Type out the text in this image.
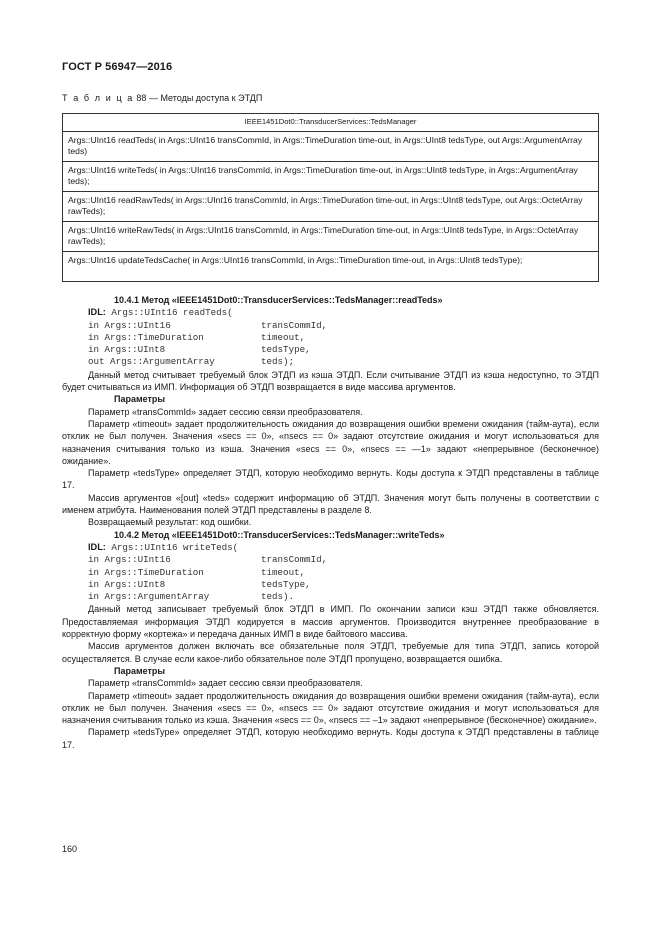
ГОСТ Р 56947—2016
Т а б л и ц а 88 — Методы доступа к ЭТДП
IEEE1451Dot0::TransducerServices::TedsManager
Args::UInt16 readTeds( in Args::UInt16 transCommId, in Args::TimeDuration time-out, in Args::UInt8 tedsType, out Args::ArgumentArray teds)
Args::UInt16 writeTeds( in Args::UInt16 transCommId, in Args::TimeDuration time-out, in Args::UInt8 tedsType, in Args::ArgumentArray teds);
Args::UInt16 readRawTeds( in Args::UInt16 transCommId, in Args::TimeDuration time-out, in Args::UInt8 tedsType, out Args::OctetArray rawTeds);
Args::UInt16 writeRawTeds( in Args::UInt16 transCommId, in Args::TimeDuration time-out, in Args::UInt8 tedsType, in Args::OctetArray rawTeds);
Args::UInt16 updateTedsCache( in Args::UInt16 transCommId, in Args::TimeDuration time-out, in Args::UInt8 tedsType);

10.4.1 Метод «IEEE1451Dot0::TransducerServices::TedsManager::readTeds»

IDL: Args::UInt16 readTeds(
in Args::UInt16	transCommId,
in Args::TimeDuration	timeout,
in Args::UInt8	tedsType,
out Args::ArgumentArray	teds);

Данный метод считывает требуемый блок ЭТДП из кэша ЭТДП. Если считывание ЭТДП из кэша недоступно, то ЭТДП будет считываться из ИМП. Информация об ЭТДП возвращается в виде массива аргументов.

Параметры

Параметр «transCommId» задает сессию связи преобразователя.

Параметр «timeout» задает продолжительность ожидания до возвращения ошибки времени ожидания (тайм-аута), если отклик не был получен. Значения «secs == 0», «nsecs == 0» задают отсутствие ожидания и могут использоваться для назначения считывания только из кэша. Значения «secs == 0», «nsecs == —1» задают «непрерывное (бесконечное) ожидание».

Параметр «tedsType» определяет ЭТДП, которую необходимо вернуть. Коды доступа к ЭТДП представлены в таблице 17.

Массив аргументов «[out] «teds» содержит информацию об ЭТДП. Значения могут быть получены в соответствии с именем атрибута. Наименования полей ЭТДП представлены в разделе 8.

Возвращаемый результат: код ошибки.

10.4.2 Метод «IEEE1451Dot0::TransducerServices::TedsManager::writeTeds»

IDL: Args::UInt16 writeTeds(
in Args::UInt16	transCommId,
in Args::TimeDuration	timeout,
in Args::UInt8	tedsType,
in Args::ArgumentArray	teds).

Данный метод записывает требуемый блок ЭТДП в ИМП. По окончании записи кэш ЭТДП также обновляется. Предоставляемая информация ЭТДП кодируется в массив аргументов. Производится внутреннее преобразование в корректную форму «кортежа» и передача данных ИМП в виде байтового массива.

Массив аргументов должен включать все обязательные поля ЭТДП, требуемые для типа ЭТДП, запись которой осуществляется. В случае если какое-либо обязательное поле ЭТДП пропущено, возвращается ошибка.

Параметры

Параметр «transCommId» задает сессию связи преобразователя.

Параметр «timeout» задает продолжительность ожидания до возвращения ошибки времени ожидания (тайм-аута), если отклик не был получен. Значения «secs == 0», «nsecs == 0» задают отсутствие ожидания и могут использоваться для назначения считывания только из кэша. Значения «secs == 0», «nsecs == –1» задают «непрерывное (бесконечное) ожидание».

Параметр «tedsType» определяет ЭТДП, которую необходимо вернуть. Коды доступа к ЭТДП представлены в таблице 17.

160
